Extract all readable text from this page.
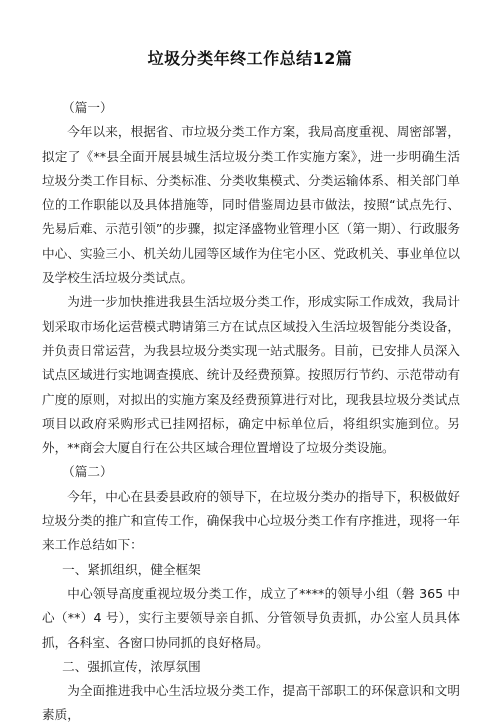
垃圾分类年终工作总结12篇

（篇一）

今年以来，根据省、市垃圾分类工作方案，我局高度重视、周密部署，拟定了《**县全面开展县城生活垃圾分类工作实施方案》，进一步明确生活垃圾分类工作目标、分类标准、分类收集模式、分类运输体系、相关部门单位的工作职能以及具体措施等，同时借鉴周边县市做法，按照“试点先行、先易后难、示范引领”的步骤，拟定泽盛物业管理小区（第一期）、行政服务中心、实验三小、机关幼儿园等区域作为住宅小区、党政机关、事业单位以及学校生活垃圾分类试点。

为进一步加快推进我县生活垃圾分类工作，形成实际工作成效，我局计划采取市场化运营模式聘请第三方在试点区域投入生活垃圾智能分类设备，并负责日常运营，为我县垃圾分类实现一站式服务。目前，已安排人员深入试点区域进行实地调查摸底、统计及经费预算。按照厉行节约、示范带动有广度的原则，对拟出的实施方案及经费预算进行对比，现我县垃圾分类试点项目以政府采购形式已挂网招标，确定中标单位后，将组织实施到位。另外，**商会大厦自行在公共区域合理位置增设了垃圾分类设施。

（篇二）

今年，中心在县委县政府的领导下，在垃圾分类办的指导下，积极做好垃圾分类的推广和宣传工作，确保我中心垃圾分类工作有序推进，现将一年来工作总结如下：

一、紧抓组织，健全框架

中心领导高度重视垃圾分类工作，成立了****的领导小组（磐 365 中心（**）4 号），实行主要领导亲自抓、分管领导负责抓，办公室人员具体抓，各科室、各窗口协同抓的良好格局。

二、强抓宣传，浓厚氛围

为全面推进我中心生活垃圾分类工作，提高干部职工的环保意识和文明素质，
